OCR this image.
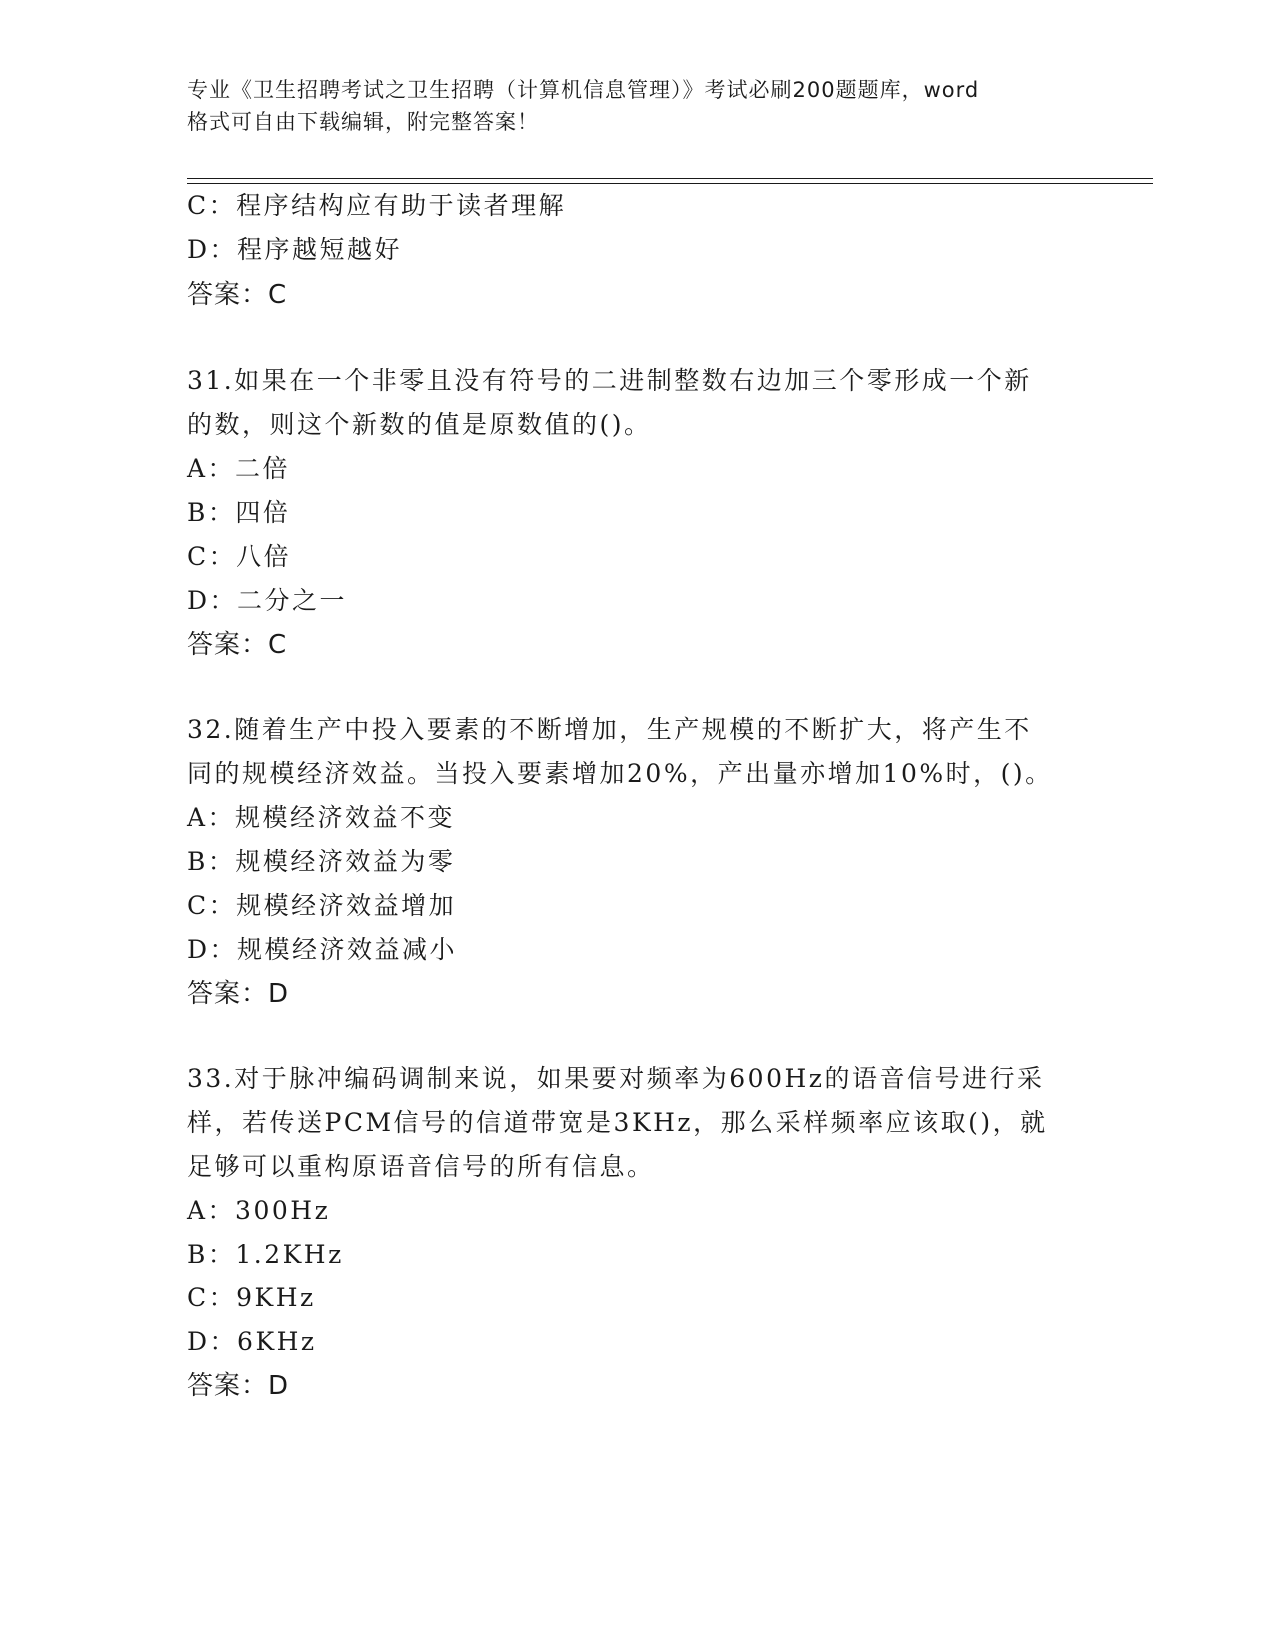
专业《卫生招聘考试之卫生招聘（计算机信息管理）》考试必刷200题题库，word
格式可自由下载编辑，附完整答案！
C：程序结构应有助于读者理解
D：程序越短越好
答案：C
31.如果在一个非零且没有符号的二进制整数右边加三个零形成一个新
的数，则这个新数的值是原数值的()。
A：二倍
B：四倍
C：八倍
D：二分之一
答案：C
32.随着生产中投入要素的不断增加，生产规模的不断扩大，将产生不
同的规模经济效益。当投入要素增加20%，产出量亦增加10%时，()。
A：规模经济效益不变
B：规模经济效益为零
C：规模经济效益增加
D：规模经济效益减小
答案：D
33.对于脉冲编码调制来说，如果要对频率为600Hz的语音信号进行采
样，若传送PCM信号的信道带宽是3KHz，那么采样频率应该取()，就
足够可以重构原语音信号的所有信息。
A：300Hz
B：1.2KHz
C：9KHz
D：6KHz
答案：D
